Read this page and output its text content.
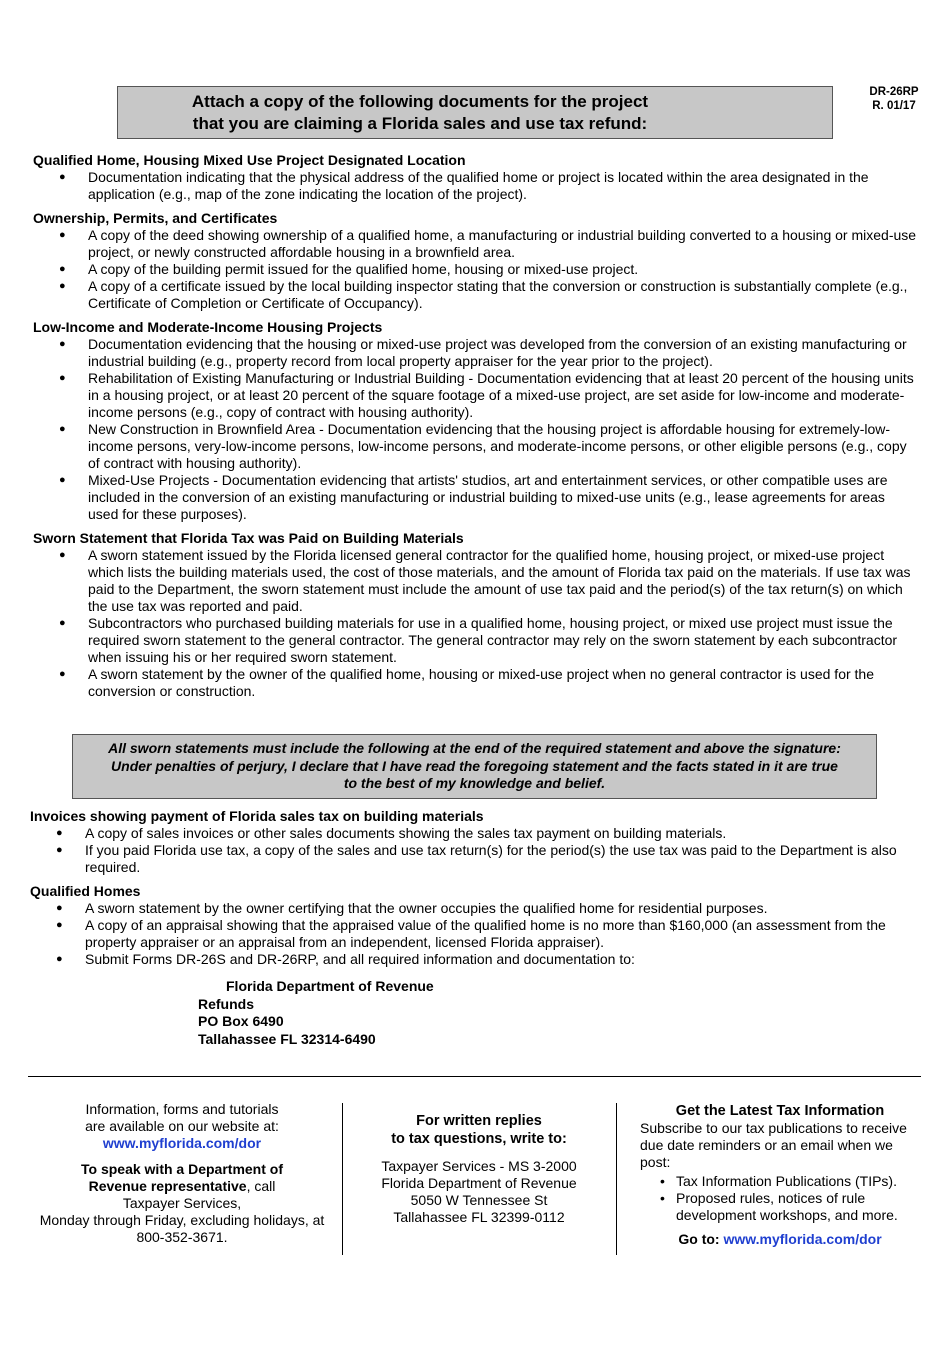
DR-26RP
R. 01/17
Attach a copy of the following documents for the project
that you are claiming a Florida sales and use tax refund:

Qualified Home, Housing Mixed Use Project Designated Location

● Documentation indicating that the physical address of the qualified home or project is located within the area designated in the application (e.g., map of the zone indicating the location of the project).

Ownership, Permits, and Certificates

● A copy of the deed showing ownership of a qualified home, a manufacturing or industrial building converted to a housing or mixed-use project, or newly constructed affordable housing in a brownfield area.
● A copy of the building permit issued for the qualified home, housing or mixed-use project.
● A copy of a certificate issued by the local building inspector stating that the conversion or construction is substantially complete (e.g., Certificate of Completion or Certificate of Occupancy).

Low-Income and Moderate-Income Housing Projects

● Documentation evidencing that the housing or mixed-use project was developed from the conversion of an existing manufacturing or industrial building (e.g., property record from local property appraiser for the year prior to the project).
● Rehabilitation of Existing Manufacturing or Industrial Building - Documentation evidencing that at least 20 percent of the housing units in a housing project, or at least 20 percent of the square footage of a mixed-use project, are set aside for low-income and moderate-income persons (e.g., copy of contract with housing authority).
● New Construction in Brownfield Area - Documentation evidencing that the housing project is affordable housing for extremely-low-income persons, very-low-income persons, low-income persons, and moderate-income persons, or other eligible persons (e.g., copy of contract with housing authority).
● Mixed-Use Projects - Documentation evidencing that artists' studios, art and entertainment services, or other compatible uses are included in the conversion of an existing manufacturing or industrial building to mixed-use units (e.g., lease agreements for areas used for these purposes).

Sworn Statement that Florida Tax was Paid on Building Materials

● A sworn statement issued by the Florida licensed general contractor for the qualified home, housing project, or mixed-use project which lists the building materials used, the cost of those materials, and the amount of Florida tax paid on the materials. If use tax was paid to the Department, the sworn statement must include the amount of use tax paid and the period(s) of the tax return(s) on which the use tax was reported and paid.
● Subcontractors who purchased building materials for use in a qualified home, housing project, or mixed use project must issue the required sworn statement to the general contractor. The general contractor may rely on the sworn statement by each subcontractor when issuing his or her required sworn statement.
● A sworn statement by the owner of the qualified home, housing or mixed-use project when no general contractor is used for the conversion or construction.
All sworn statements must include the following at the end of the required statement and above the signature:
Under penalties of perjury, I declare that I have read the foregoing statement and the facts stated in it are true
to the best of my knowledge and belief.

Invoices showing payment of Florida sales tax on building materials

● A copy of sales invoices or other sales documents showing the sales tax payment on building materials.
● If you paid Florida use tax, a copy of the sales and use tax return(s) for the period(s) the use tax was paid to the Department is also required.

Qualified Homes

● A sworn statement by the owner certifying that the owner occupies the qualified home for residential purposes.
● A copy of an appraisal showing that the appraised value of the qualified home is no more than $160,000 (an assessment from the property appraiser or an appraisal from an independent, licensed Florida appraiser).
● Submit Forms DR-26S and DR-26RP, and all required information and documentation to:
Florida Department of Revenue
Refunds
PO Box 6490
Tallahassee FL 32314-6490
Information, forms and tutorials
are available on our website at:
www.myflorida.com/dor
To speak with a Department of
Revenue representative, call
Taxpayer Services,
Monday through Friday, excluding holidays, at
800-352-3671.
For written replies
to tax questions, write to:
Taxpayer Services - MS 3-2000
Florida Department of Revenue
5050 W Tennessee St
Tallahassee FL 32399-0112
Get the Latest Tax Information
Subscribe to our tax publications to receive due date reminders or an email when we post:
• Tax Information Publications (TIPs).
• Proposed rules, notices of rule development workshops, and more.
Go to: www.myflorida.com/dor
